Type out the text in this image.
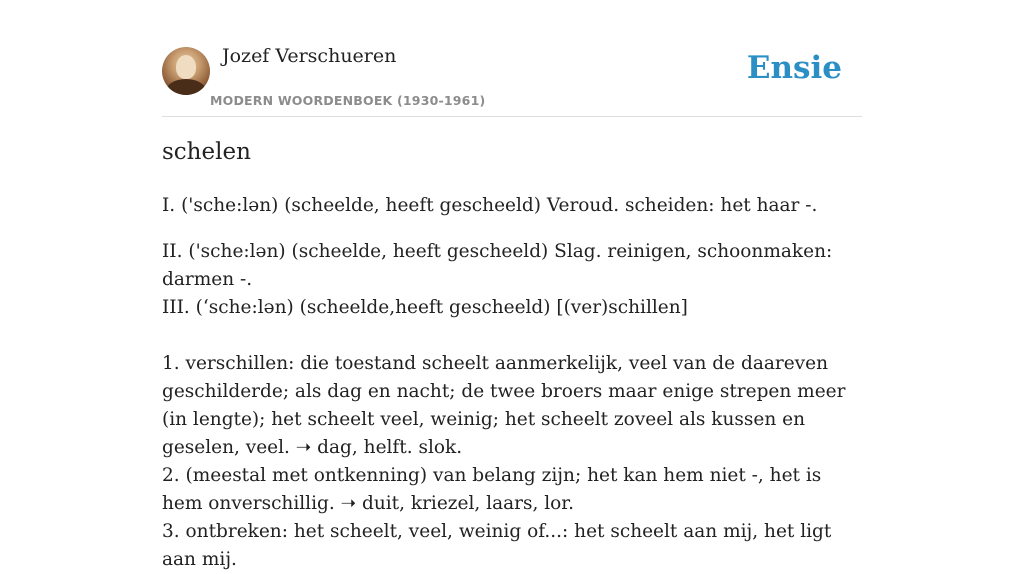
Jozef Verschueren
MODERN WOORDENBOEK (1930-1961)
Ensie
schelen

I. ('sche:lən) (scheelde, heeft gescheeld) Veroud. scheiden: het haar -.

II. ('sche:lən) (scheelde, heeft gescheeld) Slag. reinigen, schoonmaken: darmen -.

III. (ʻsche:lən) (scheelde,heeft gescheeld) [(ver)schillen]

1. verschillen: die toestand scheelt aanmerkelijk, veel van de daareven geschilderde; als dag en nacht; de twee broers maar enige strepen meer (in lengte); het scheelt veel, weinig; het scheelt zoveel als kussen en geselen, veel. ➝ dag, helft. slok.

2. (meestal met ontkenning) van belang zijn; het kan hem niet -, het is hem onverschillig. ➝ duit, kriezel, laars, lor.

3. ontbreken: het scheelt, veel, weinig of...: het scheelt aan mij, het ligt aan mij.
